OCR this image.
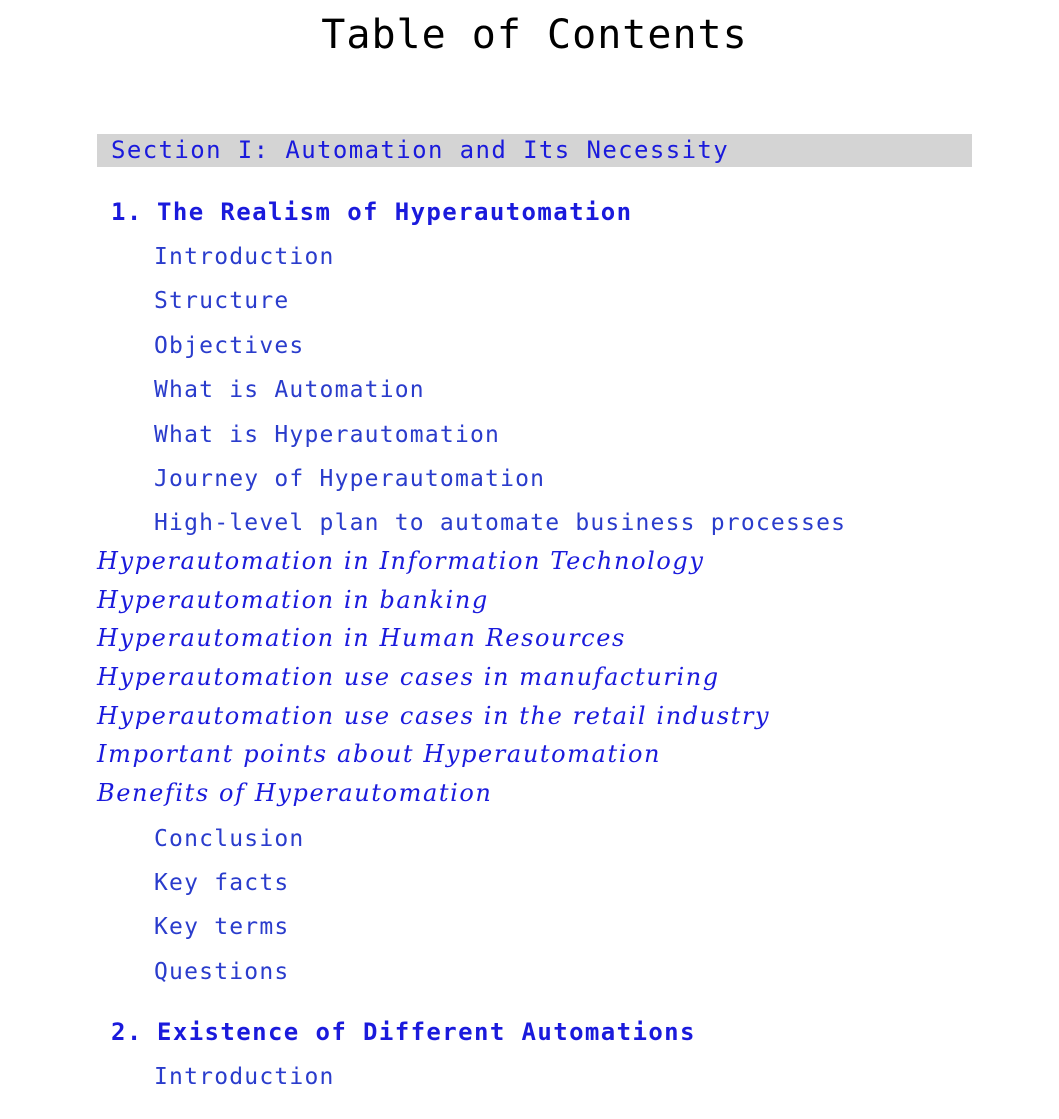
Table of Contents
Section I: Automation and Its Necessity
1. The Realism of Hyperautomation
Introduction
Structure
Objectives
What is Automation
What is Hyperautomation
Journey of Hyperautomation
High-level plan to automate business processes
Hyperautomation in Information Technology
Hyperautomation in banking
Hyperautomation in Human Resources
Hyperautomation use cases in manufacturing
Hyperautomation use cases in the retail industry
Important points about Hyperautomation
Benefits of Hyperautomation
Conclusion
Key facts
Key terms
Questions
2. Existence of Different Automations
Introduction
